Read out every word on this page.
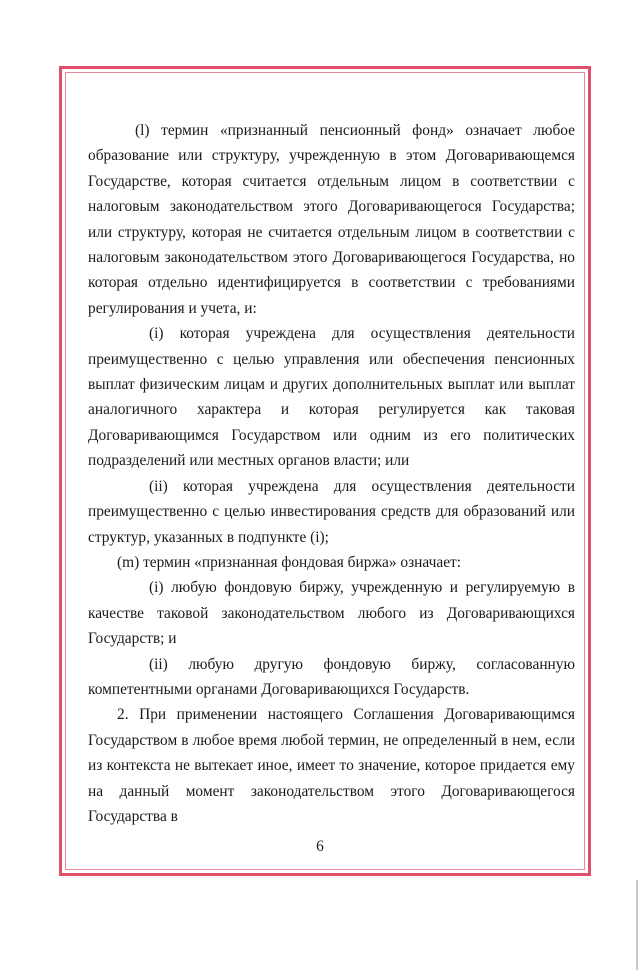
(l) термин «признанный пенсионный фонд» означает любое образование или структуру, учрежденную в этом Договаривающемся Государстве, которая считается отдельным лицом в соответствии с налоговым законодательством этого Договаривающегося Государства; или структуру, которая не считается отдельным лицом в соответствии с налоговым законодательством этого Договаривающегося Государства, но которая отдельно идентифицируется в соответствии с требованиями регулирования и учета, и:

(i) которая учреждена для осуществления деятельности преимущественно с целью управления или обеспечения пенсионных выплат физическим лицам и других дополнительных выплат или выплат аналогичного характера и которая регулируется как таковая Договаривающимся Государством или одним из его политических подразделений или местных органов власти; или

(ii) которая учреждена для осуществления деятельности преимущественно с целью инвестирования средств для образований или структур, указанных в подпункте (i);

(m) термин «признанная фондовая биржа» означает:

(i) любую фондовую биржу, учрежденную и регулируемую в качестве таковой законодательством любого из Договаривающихся Государств; и

(ii) любую другую фондовую биржу, согласованную компетентными органами Договаривающихся Государств.

2. При применении настоящего Соглашения Договаривающимся Государством в любое время любой термин, не определенный в нем, если из контекста не вытекает иное, имеет то значение, которое придается ему на данный момент законодательством этого Договаривающегося Государства в

6
